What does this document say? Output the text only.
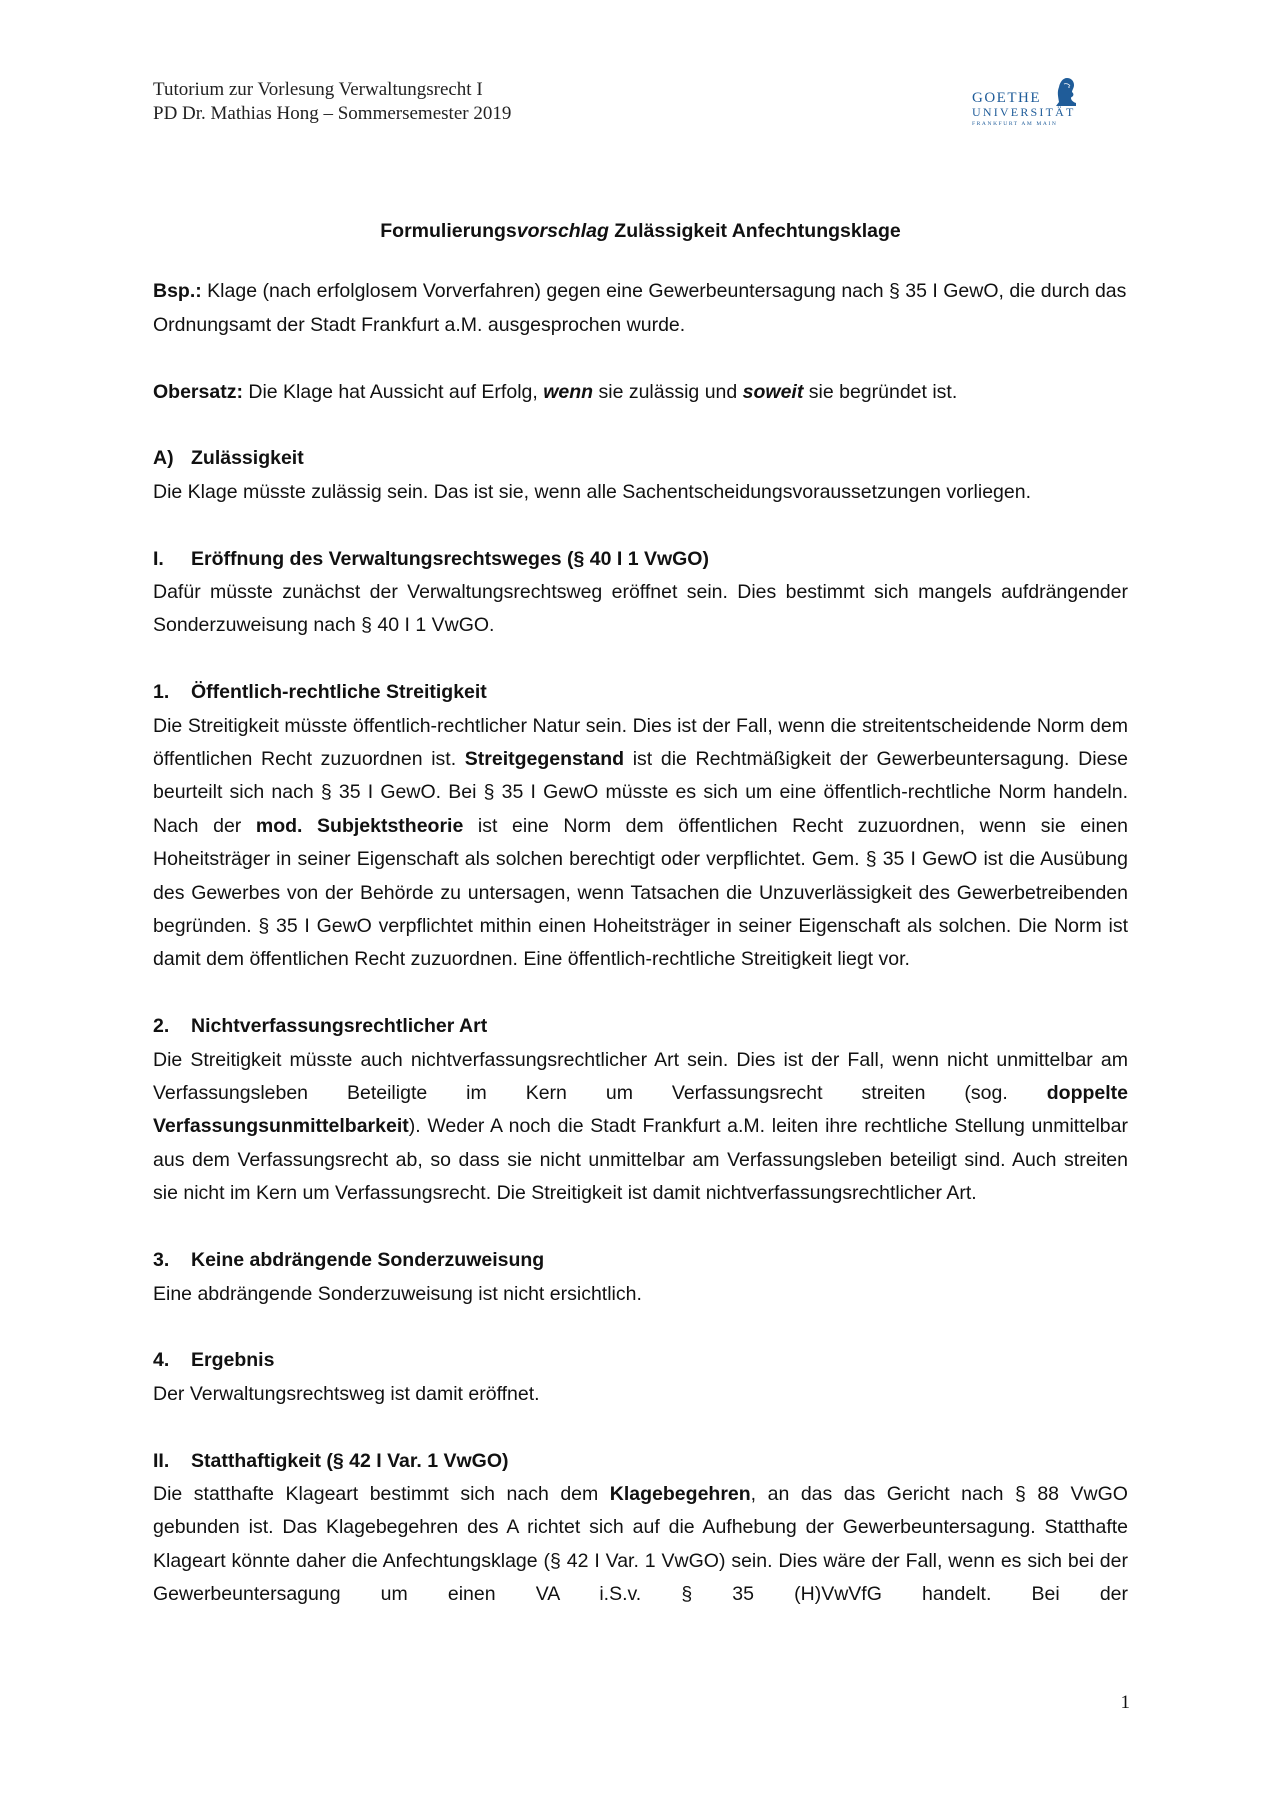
Tutorium zur Vorlesung Verwaltungsrecht I
PD Dr. Mathias Hong – Sommersemester 2019
GOETHE
UNIVERSITÄT
FRANKFURT AM MAIN

Formulierungsvorschlag Zulässigkeit Anfechtungsklage

Bsp.: Klage (nach erfolglosem Vorverfahren) gegen eine Gewerbeuntersagung nach § 35 I GewO, die durch das Ordnungsamt der Stadt Frankfurt a.M. ausgesprochen wurde.

Obersatz: Die Klage hat Aussicht auf Erfolg, wenn sie zulässig und soweit sie begründet ist.

A) Zulässigkeit

Die Klage müsste zulässig sein. Das ist sie, wenn alle Sachentscheidungsvoraussetzungen vorliegen.

I.	Eröffnung des Verwaltungsrechtsweges (§ 40 I 1 VwGO)

Dafür müsste zunächst der Verwaltungsrechtsweg eröffnet sein. Dies bestimmt sich mangels aufdrängender Sonderzuweisung nach § 40 I 1 VwGO.

1.	Öffentlich-rechtliche Streitigkeit

Die Streitigkeit müsste öffentlich-rechtlicher Natur sein. Dies ist der Fall, wenn die streitentscheidende Norm dem öffentlichen Recht zuzuordnen ist. Streitgegenstand ist die Rechtmäßigkeit der Gewerbeuntersagung. Diese beurteilt sich nach § 35 I GewO. Bei § 35 I GewO müsste es sich um eine öffentlich-rechtliche Norm handeln. Nach der mod. Subjektstheorie ist eine Norm dem öffentlichen Recht zuzuordnen, wenn sie einen Hoheitsträger in seiner Eigenschaft als solchen berechtigt oder verpflichtet. Gem. § 35 I GewO ist die Ausübung des Gewerbes von der Behörde zu untersagen, wenn Tatsachen die Unzuverlässigkeit des Gewerbetreibenden begründen. § 35 I GewO verpflichtet mithin einen Hoheitsträger in seiner Eigenschaft als solchen. Die Norm ist damit dem öffentlichen Recht zuzuordnen. Eine öffentlich-rechtliche Streitigkeit liegt vor.

2.	Nichtverfassungsrechtlicher Art

Die Streitigkeit müsste auch nichtverfassungsrechtlicher Art sein. Dies ist der Fall, wenn nicht unmittelbar am Verfassungsleben Beteiligte im Kern um Verfassungsrecht streiten (sog. doppelte Verfassungsunmittelbarkeit). Weder A noch die Stadt Frankfurt a.M. leiten ihre rechtliche Stellung unmittelbar aus dem Verfassungsrecht ab, so dass sie nicht unmittelbar am Verfassungsleben beteiligt sind. Auch streiten sie nicht im Kern um Verfassungsrecht. Die Streitigkeit ist damit nichtverfassungsrechtlicher Art.

3.	Keine abdrängende Sonderzuweisung

Eine abdrängende Sonderzuweisung ist nicht ersichtlich.

4.	Ergebnis

Der Verwaltungsrechtsweg ist damit eröffnet.

II.	Statthaftigkeit (§ 42 I Var. 1 VwGO)

Die statthafte Klageart bestimmt sich nach dem Klagebegehren, an das das Gericht nach § 88 VwGO gebunden ist. Das Klagebegehren des A richtet sich auf die Aufhebung der Gewerbeuntersagung. Statthafte Klageart könnte daher die Anfechtungsklage (§ 42 I Var. 1 VwGO) sein. Dies wäre der Fall, wenn es sich bei der Gewerbeuntersagung um einen VA i.S.v. § 35 (H)VwVfG handelt. Bei der

1
